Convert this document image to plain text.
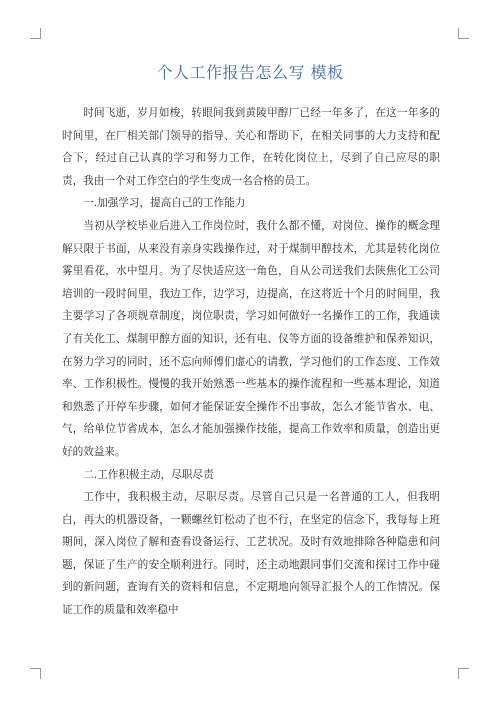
个人工作报告怎么写 模板

时间飞逝，岁月如梭，转眼间我到黄陵甲醇厂已经一年多了，在这一年多的时间里，在厂相关部门领导的指导、关心和帮助下，在相关同事的大力支持和配合下，经过自己认真的学习和努力工作，在转化岗位上，尽到了自己应尽的职责，我由一个对工作空白的学生变成一名合格的员工。

一.加强学习，提高自己的工作能力

当初从学校毕业后进入工作岗位时，我什么都不懂，对岗位、操作的概念理解只限于书面，从来没有亲身实践操作过，对于煤制甲醇技术，尤其是转化岗位雾里看花，水中望月。为了尽快适应这一角色，自从公司送我们去陕焦化工公司培训的一段时间里，我边工作，边学习，边提高，在这将近十个月的时间里，我主要学习了各项规章制度，岗位职责，学习如何做好一名操作工的工作，我通读了有关化工、煤制甲醇方面的知识，还有电、仪等方面的设备维护和保养知识，在努力学习的同时，还不忘向师傅们虚心的请教，学习他们的工作态度、工作效率、工作积极性。慢慢的我开始熟悉一些基本的操作流程和一些基本理论，知道和熟悉了开停车步骤，如何才能保证安全操作不出事故，怎么才能节省水、电、气，给单位节省成本，怎么才能加强操作技能，提高工作效率和质量，创造出更好的效益来。

二.工作积极主动，尽职尽责

工作中，我积极主动，尽职尽责。尽管自己只是一名普通的工人，但我明白，再大的机器设备，一颗螺丝钉松动了也不行，在坚定的信念下，我每每上班期间，深入岗位了解和查看设备运行、工艺状况。及时有效地排除各种隐患和问题，保证了生产的安全顺利进行。同时，还主动地跟同事们交流和探讨工作中碰到的新问题，查询有关的资料和信息，不定期地向领导汇报个人的工作情况。保证工作的质量和效率稳中
